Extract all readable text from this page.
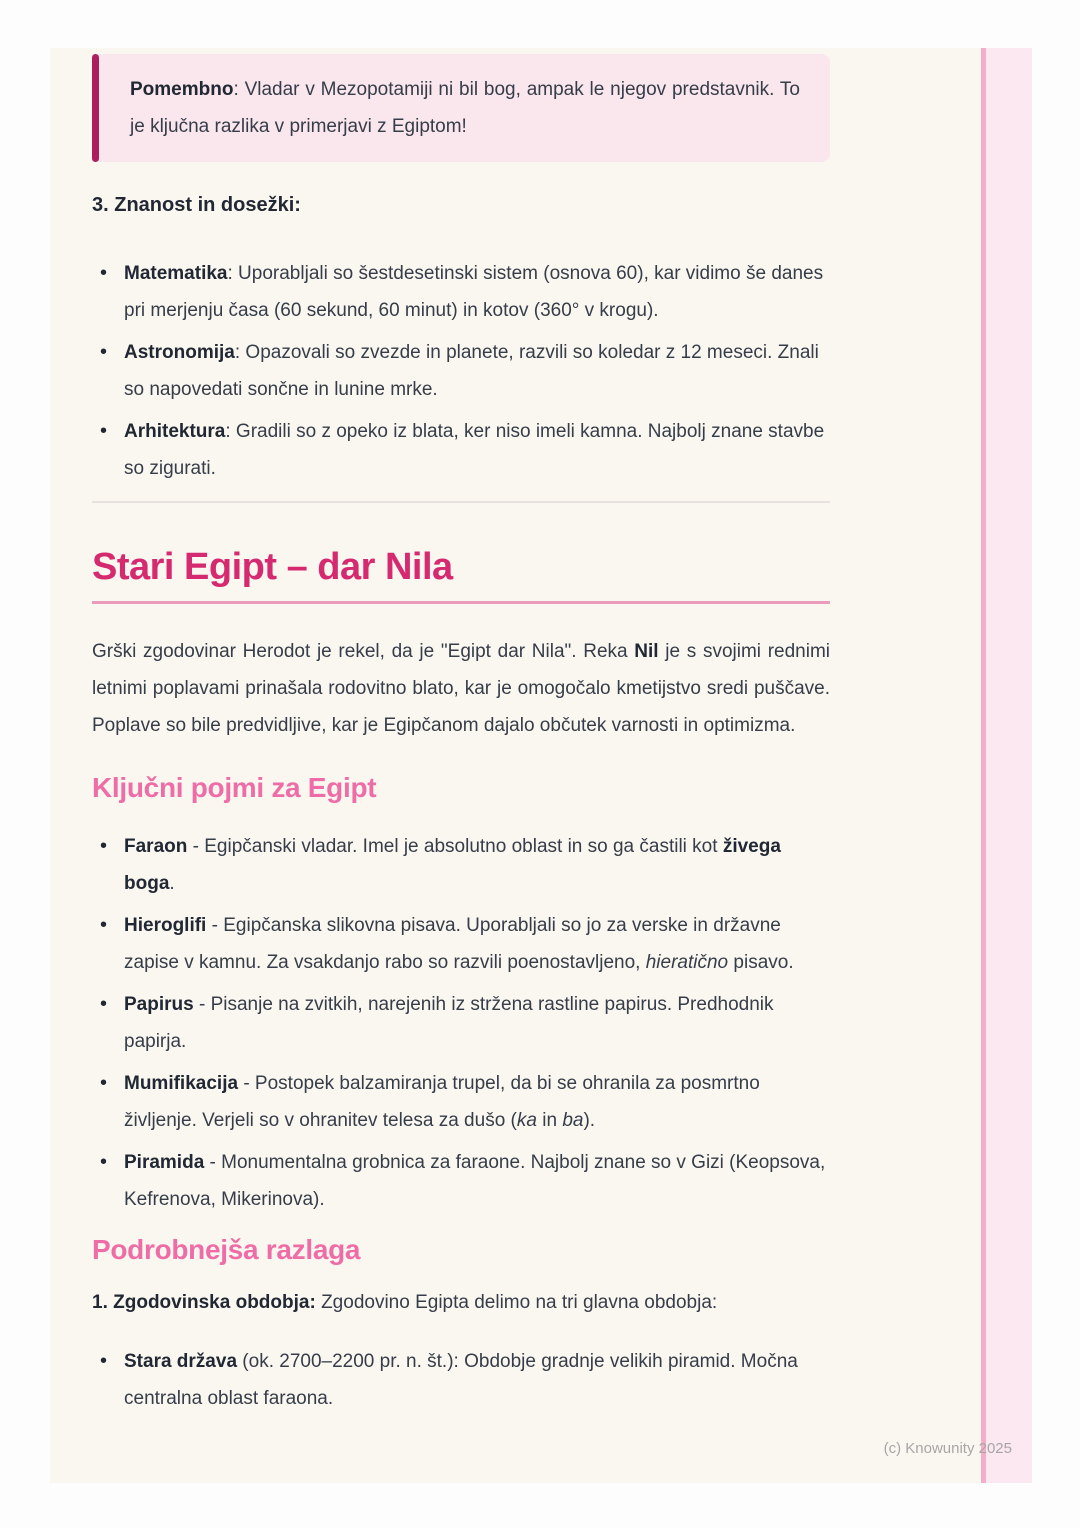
Pomembno: Vladar v Mezopotamiji ni bil bog, ampak le njegov predstavnik. To je ključna razlika v primerjavi z Egiptom!

3. Znanost in dosežki:
• Matematika: Uporabljali so šestdesetinski sistem (osnova 60), kar vidimo še danes pri merjenju časa (60 sekund, 60 minut) in kotov (360° v krogu).
• Astronomija: Opazovali so zvezde in planete, razvili so koledar z 12 meseci. Znali so napovedati sončne in lunine mrke.
• Arhitektura: Gradili so z opeko iz blata, ker niso imeli kamna. Najbolj znane stavbe so zigurati.
Stari Egipt – dar Nila

Grški zgodovinar Herodot je rekel, da je "Egipt dar Nila". Reka Nil je s svojimi rednimi letnimi poplavami prinašala rodovitno blato, kar je omogočalo kmetijstvo sredi puščave. Poplave so bile predvidljive, kar je Egipčanom dajalo občutek varnosti in optimizma.

Ključni pojmi za Egipt
• Faraon - Egipčanski vladar. Imel je absolutno oblast in so ga častili kot živega boga.
• Hieroglifi - Egipčanska slikovna pisava. Uporabljali so jo za verske in državne zapise v kamnu. Za vsakdanjo rabo so razvili poenostavljeno, hieratično pisavo.
• Papirus - Pisanje na zvitkih, narejenih iz stržena rastline papirus. Predhodnik papirja.
• Mumifikacija - Postopek balzamiranja trupel, da bi se ohranila za posmrtno življenje. Verjeli so v ohranitev telesa za dušo (ka in ba).
• Piramida - Monumentalna grobnica za faraone. Najbolj znane so v Gizi (Keopsova, Kefrenova, Mikerinova).
Podrobnejša razlaga

1. Zgodovinska obdobja: Zgodovino Egipta delimo na tri glavna obdobja:

• Stara država (ok. 2700–2200 pr. n. št.): Obdobje gradnje velikih piramid. Močna centralna oblast faraona.
(c) Knowunity 2025
